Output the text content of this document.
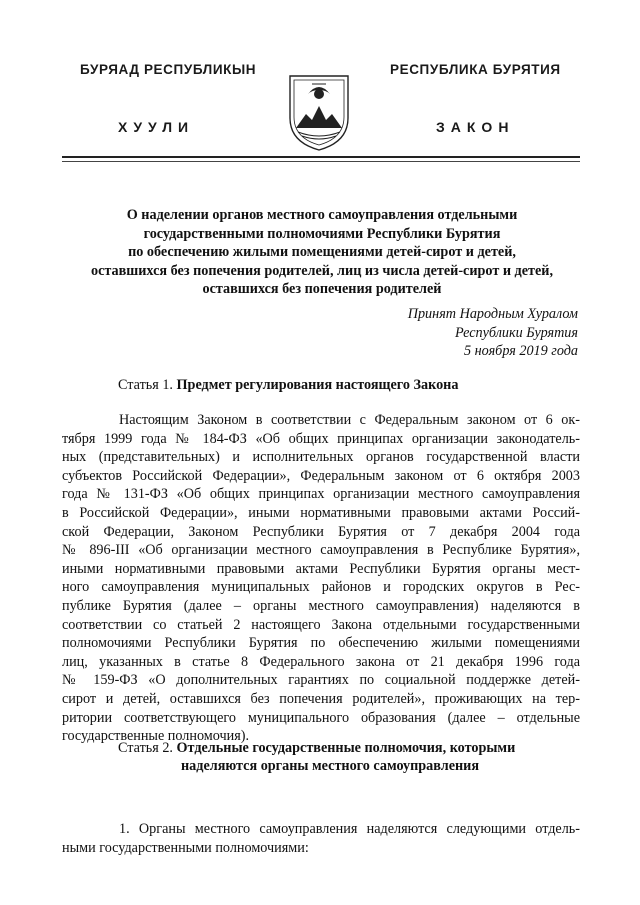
БУРЯАД РЕСПУБЛИКЫН
ХУУЛИ
РЕСПУБЛИКА БУРЯТИЯ
ЗАКОН
О наделении органов местного самоуправления отдельными
государственными полномочиями Республики Бурятия
по обеспечению жилыми помещениями детей-сирот и детей,
оставшихся без попечения родителей, лиц из числа детей-сирот и детей,
оставшихся без попечения родителей
Принят Народным Хуралом
Республики Бурятия
5 ноября 2019 года
Статья 1. Предмет регулирования настоящего Закона
Настоящим Законом в соответствии с Федеральным законом от 6 ок-
тября 1999 года № 184-ФЗ «Об общих принципах организации законодатель-
ных (представительных) и исполнительных органов государственной власти
субъектов Российской Федерации», Федеральным законом от 6 октября 2003
года № 131-ФЗ «Об общих принципах организации местного самоуправления
в Российской Федерации», иными нормативными правовыми актами Россий-
ской Федерации, Законом Республики Бурятия от 7 декабря 2004 года
№ 896-III «Об организации местного самоуправления в Республике Бурятия»,
иными нормативными правовыми актами Республики Бурятия органы мест-
ного самоуправления муниципальных районов и городских округов в Рес-
публике Бурятия (далее – органы местного самоуправления) наделяются в
соответствии со статьей 2 настоящего Закона отдельными государственными
полномочиями Республики Бурятия по обеспечению жилыми помещениями
лиц, указанных в статье 8 Федерального закона от 21 декабря 1996 года
№ 159-ФЗ «О дополнительных гарантиях по социальной поддержке детей-
сирот и детей, оставшихся без попечения родителей», проживающих на тер-
ритории соответствующего муниципального образования (далее – отдельные
государственные полномочия).
Статья 2. Отдельные государственные полномочия, которыми
наделяются органы местного самоуправления
1. Органы местного самоуправления наделяются следующими отдель-
ными государственными полномочиями:
